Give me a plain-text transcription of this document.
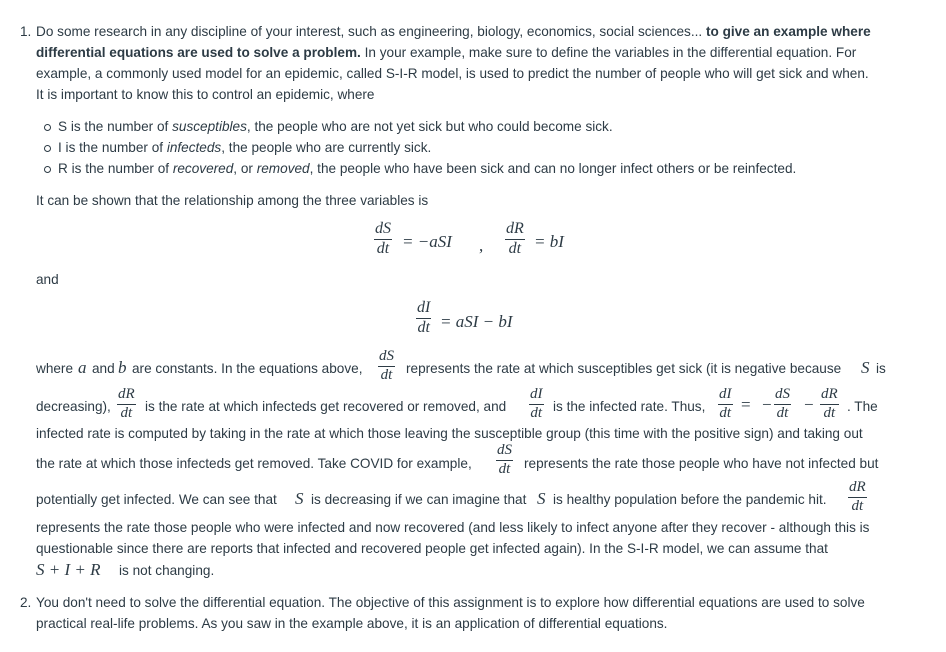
1. Do some research in any discipline of your interest, such as engineering, biology, economics, social sciences... to give an example where
differential equations are used to solve a problem. In your example, make sure to define the variables in the differential equation. For
example, a commonly used model for an epidemic, called S-I-R model, is used to predict the number of people who will get sick and when.
It is important to know this to control an epidemic, where
S is the number of susceptibles, the people who are not yet sick but who could become sick.
I is the number of infecteds, the people who are currently sick.
R is the number of recovered, or removed, the people who have been sick and can no longer infect others or be reinfected.
It can be shown that the relationship among the three variables is
dS
dt = −aSI ,
dR
dt = bI
and
dI
dt = aSI − bI
where a and b are constants. In the equations above,
dS
dt represents the rate at which susceptibles get sick (it is negative because S is
decreasing),
dR
dt is the rate at which infecteds get recovered or removed, and
dI
dt is the infected rate. Thus,
dI
dt = −
dS
dt −
dR
dt . The
infected rate is computed by taking in the rate at which those leaving the susceptible group (this time with the positive sign) and taking out
the rate at which those infecteds get removed. Take COVID for example,
dS
dt represents the rate those people who have not infected but
potentially get infected. We can see that S is decreasing if we can imagine that S is healthy population before the pandemic hit.
dR
dt
represents the rate those people who were infected and now recovered (and less likely to infect anyone after they recover - although this is
questionable since there are reports that infected and recovered people get infected again). In the S-I-R model, we can assume that
S + I + R is not changing.
2. You don't need to solve the differential equation. The objective of this assignment is to explore how differential equations are used to solve
practical real-life problems. As you saw in the example above, it is an application of differential equations.
